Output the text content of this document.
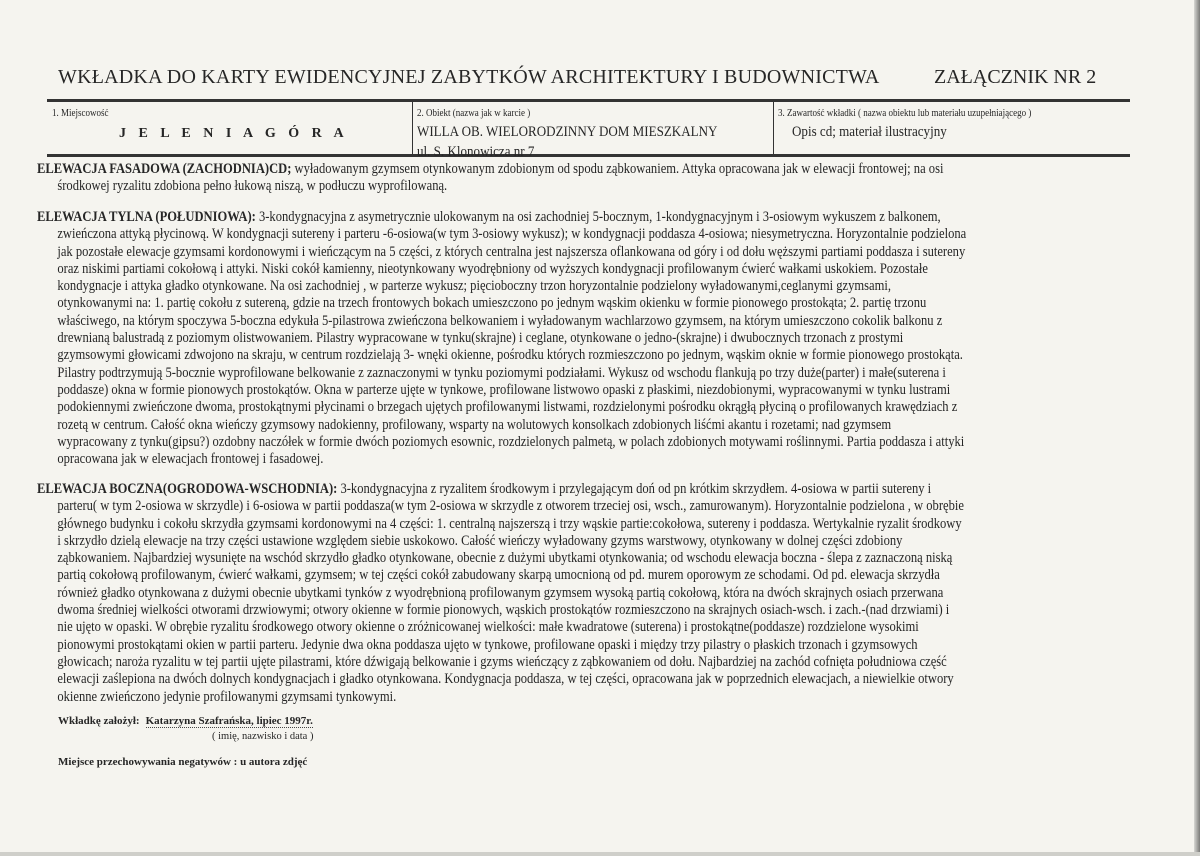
WKŁADKA DO KARTY EWIDENCYJNEJ ZABYTKÓW ARCHITEKTURY I BUDOWNICTWA	ZAŁĄCZNIK NR 2
1. Miejscowość
J E L E N I A G Ó R A
2. Obiekt (nazwa jak w karcie )
WILLA OB. WIELORODZINNY DOM MIESZKALNY
ul. S. Klonowicza nr 7
3. Zawartość wkładki ( nazwa obiektu lub materiału uzupełniającego )
Opis cd; materiał ilustracyjny
ELEWACJA FASADOWA (ZACHODNIA)CD; wyładowanym gzymsem otynkowanym zdobionym od spodu ząbkowaniem. Attyka opracowana jak w elewacji frontowej; na osi
środkowej ryzalitu zdobiona pełno łukową niszą, w podłuczu wyprofilowaną.
ELEWACJA TYLNA (POŁUDNIOWA): 3-kondygnacyjna z asymetrycznie ulokowanym na osi zachodniej 5-bocznym, 1-kondygnacyjnym i 3-osiowym wykuszem z balkonem,
zwieńczona attyką płycinową. W kondygnacji sutereny i parteru -6-osiowa(w tym 3-osiowy wykusz); w kondygnacji poddasza 4-osiowa; niesymetryczna. Horyzontalnie podzielona
jak pozostałe elewacje gzymsami kordonowymi i wieńczącym na 5 części, z których centralna jest najszersza oflankowana od góry i od dołu węższymi partiami poddasza i sutereny
oraz niskimi partiami cokołową i attyki. Niski cokół kamienny, nieotynkowany wyodrębniony od wyższych kondygnacji profilowanym ćwierć wałkami uskokiem. Pozostałe
kondygnacje i attyka gładko otynkowane. Na osi zachodniej , w parterze wykusz; pięcioboczny trzon horyzontalnie podzielony wyładowanymi,ceglanymi gzymsami,
otynkowanymi na: 1. partię cokołu z sutereną, gdzie na trzech frontowych bokach umieszczono po jednym wąskim okienku w formie pionowego prostokąta; 2. partię trzonu
właściwego, na którym spoczywa 5-boczna edykuła 5-pilastrowa zwieńczona belkowaniem i wyładowanym wachlarzowo gzymsem, na którym umieszczono cokolik balkonu z
drewnianą balustradą z poziomym olistwowaniem. Pilastry wypracowane w tynku(skrajne) i ceglane, otynkowane o jedno-(skrajne) i dwubocznych trzonach z prostymi
gzymsowymi głowicami zdwojono na skraju, w centrum rozdzielają 3- wnęki okienne, pośrodku których rozmieszczono po jednym, wąskim oknie w formie pionowego prostokąta.
Pilastry podtrzymują 5-bocznie wyprofilowane belkowanie z zaznaczonymi w tynku poziomymi podziałami. Wykusz od wschodu flankują po trzy duże(parter) i małe(suterena i
poddasze) okna w formie pionowych prostokątów. Okna w parterze ujęte w tynkowe, profilowane listwowo opaski z płaskimi, niezdobionymi, wypracowanymi w tynku lustrami
podokiennymi zwieńczone dwoma, prostokątnymi płycinami o brzegach ujętych profilowanymi listwami, rozdzielonymi pośrodku okrągłą płyciną o profilowanych krawędziach z
rozetą w centrum. Całość okna wieńczy gzymsowy nadokienny, profilowany, wsparty na wolutowych konsolkach zdobionych liśćmi akantu i rozetami; nad gzymsem
wypracowany z tynku(gipsu?) ozdobny naczółek w formie dwóch poziomych esownic, rozdzielonych palmetą, w polach zdobionych motywami roślinnymi. Partia poddasza i attyki
opracowana jak w elewacjach frontowej i fasadowej.
ELEWACJA BOCZNA(OGRODOWA-WSCHODNIA): 3-kondygnacyjna z ryzalitem środkowym i przylegającym doń od pn krótkim skrzydłem. 4-osiowa w partii sutereny i
parteru( w tym 2-osiowa w skrzydle) i 6-osiowa w partii poddasza(w tym 2-osiowa w skrzydle z otworem trzeciej osi, wsch., zamurowanym). Horyzontalnie podzielona , w obrębie
głównego budynku i cokołu skrzydła gzymsami kordonowymi na 4 części: 1. centralną najszerszą i trzy wąskie partie:cokołowa, sutereny i poddasza. Wertykalnie ryzalit środkowy
i skrzydło dzielą elewacje na trzy części ustawione względem siebie uskokowo. Całość wieńczy wyładowany gzyms warstwowy, otynkowany w dolnej części zdobiony
ząbkowaniem. Najbardziej wysunięte na wschód skrzydło gładko otynkowane, obecnie z dużymi ubytkami otynkowania; od wschodu elewacja boczna - ślepa z zaznaczoną niską
partią cokołową profilowanym, ćwierć wałkami, gzymsem; w tej części cokół zabudowany skarpą umocnioną od pd. murem oporowym ze schodami. Od pd. elewacja skrzydła
również gładko otynkowana z dużymi obecnie ubytkami tynków z wyodrębnioną profilowanym gzymsem wysoką partią cokołową, która na dwóch skrajnych osiach przerwana
dwoma średniej wielkości otworami drzwiowymi; otwory okienne w formie pionowych, wąskich prostokątów rozmieszczono na skrajnych osiach-wsch. i zach.-(nad drzwiami) i
nie ujęto w opaski. W obrębie ryzalitu środkowego otwory okienne o zróżnicowanej wielkości: małe kwadratowe (suterena) i prostokątne(poddasze) rozdzielone wysokimi
pionowymi prostokątami okien w partii parteru. Jedynie dwa okna poddasza ujęto w tynkowe, profilowane opaski i między trzy pilastry o płaskich trzonach i gzymsowych
głowicach; naroża ryzalitu w tej partii ujęte pilastrami, które dźwigają belkowanie i gzyms wieńczący z ząbkowaniem od dołu. Najbardziej na zachód cofnięta południowa część
elewacji zaślepiona na dwóch dolnych kondygnacjach i gładko otynkowana. Kondygnacja poddasza, w tej części, opracowana jak w poprzednich elewacjach, a niewielkie otwory
okienne zwieńczono jedynie profilowanymi gzymsami tynkowymi.
Wkładkę założył: Katarzyna Szafrańska, lipiec 1997r.
( imię, nazwisko i data )
Miejsce przechowywania negatywów : u autora zdjęć
